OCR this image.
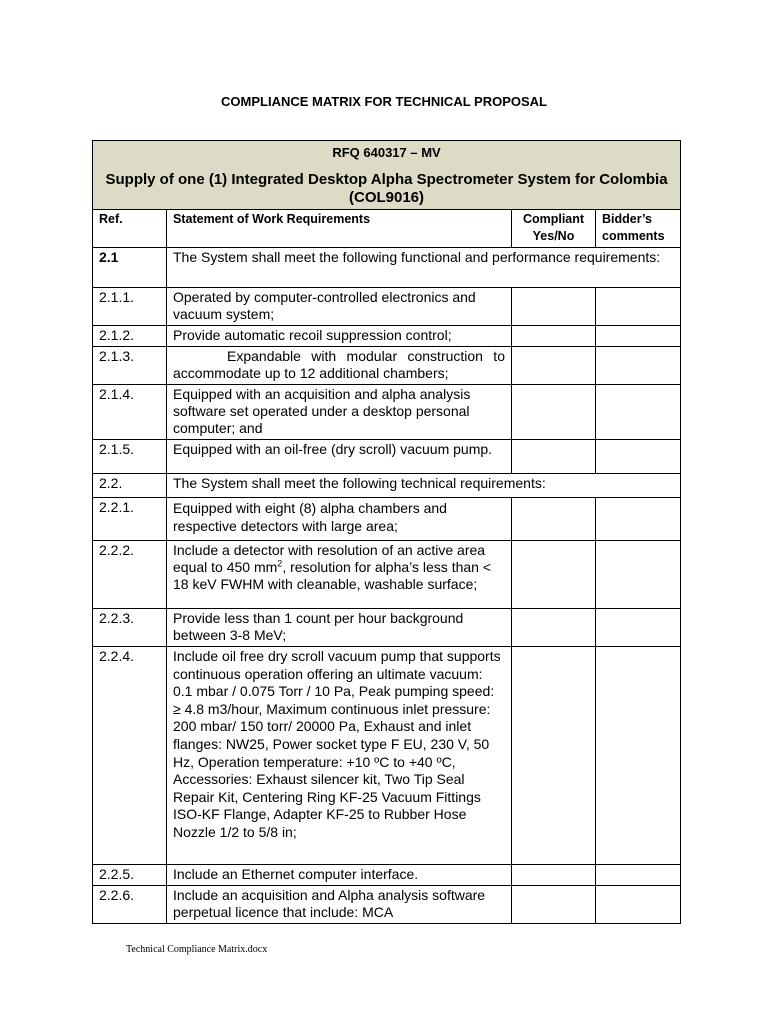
COMPLIANCE MATRIX FOR TECHNICAL PROPOSAL
RFQ 640317 – MV
Supply of one (1) Integrated Desktop Alpha Spectrometer System for Colombia (COL9016)			

Ref.	Statement of Work Requirements	Compliant Yes/No	Bidder’s comments
2.1	The System shall meet the following functional and performance requirements:		
2.1.1.	Operated by computer-controlled electronics and vacuum system;		
2.1.2.	Provide automatic recoil suppression control;		
2.1.3.	Expandable with modular construction to accommodate up to 12 additional chambers;		
2.1.4.	Equipped with an acquisition and alpha analysis software set operated under a desktop personal computer; and		
2.1.5.	Equipped with an oil-free (dry scroll) vacuum pump.		
2.2.	The System shall meet the following technical requirements:		
2.2.1.	Equipped with eight (8) alpha chambers and respective detectors with large area;		
2.2.2.	Include a detector with resolution of an active area equal to 450 $mm^2$, resolution for alpha’s less than < 18 keV FWHM with cleanable, washable surface;		
2.2.3.	Provide less than 1 count per hour background between 3-8 MeV;		
2.2.4.	Include oil free dry scroll vacuum pump that supports continuous operation offering an ultimate vacuum: 0.1 mbar / 0.075 Torr / 10 Pa, Peak pumping speed: ≥ 4.8 m3/hour, Maximum continuous inlet pressure: 200 mbar/ 150 torr/ 20000 Pa, Exhaust and inlet flanges: NW25, Power socket type F EU, 230 V, 50 Hz, Operation temperature: +10 ºC to +40 ºC, Accessories: Exhaust silencer kit, Two Tip Seal Repair Kit, Centering Ring KF-25 Vacuum Fittings ISO-KF Flange, Adapter KF-25 to Rubber Hose Nozzle 1/2 to 5/8 in;		
2.2.5.	Include an Ethernet computer interface.		
2.2.6.	Include an acquisition and Alpha analysis software perpetual licence that include: MCA		
Technical Compliance Matrix.docx
